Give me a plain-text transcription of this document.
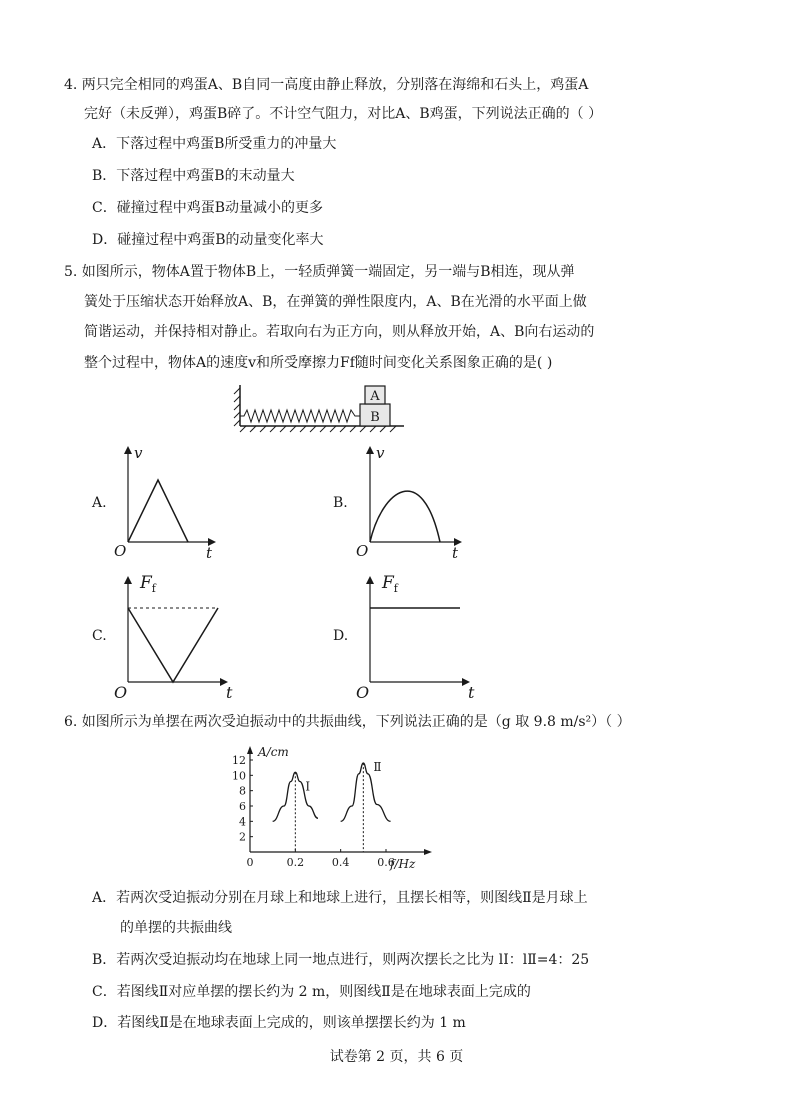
4. 两只完全相同的鸡蛋A、B自同一高度由静止释放，分别落在海绵和石头上，鸡蛋A
完好（未反弹），鸡蛋B碎了。不计空气阻力，对比A、B鸡蛋，下列说法正确的（ ）
A．下落过程中鸡蛋B所受重力的冲量大
B．下落过程中鸡蛋B的末动量大
C．碰撞过程中鸡蛋B动量减小的更多
D．碰撞过程中鸡蛋B的动量变化率大
5. 如图所示，物体A置于物体B上，一轻质弹簧一端固定，另一端与B相连，现从弹
簧处于压缩状态开始释放A、B，在弹簧的弹性限度内，A、B在光滑的水平面上做
简谐运动，并保持相对静止。若取向右为正方向，则从释放开始，A、B向右运动的
整个过程中，物体A的速度v和所受摩擦力Ff随时间变化关系图象正确的是( )
A
B
A.
v
t
O
B.
v
t
O
C.
$F_f$
t
O
D.
$F_f$
t
O
6. 如图所示为单摆在两次受迫振动中的共振曲线，下列说法正确的是（g 取 9.8 m/s²）（ ）
2
4
6
8
10
12
0	0.2	0.4	0.6
A/cm
f/Hz
Ⅰ
Ⅱ
A．若两次受迫振动分别在月球上和地球上进行，且摆长相等，则图线Ⅱ是月球上
的单摆的共振曲线
B．若两次受迫振动均在地球上同一地点进行，则两次摆长之比为 lⅠ：lⅡ=4：25
C．若图线Ⅱ对应单摆的摆长约为 2 m，则图线Ⅱ是在地球表面上完成的
D．若图线Ⅱ是在地球表面上完成的，则该单摆摆长约为 1 m
试卷第 2 页，共 6 页
